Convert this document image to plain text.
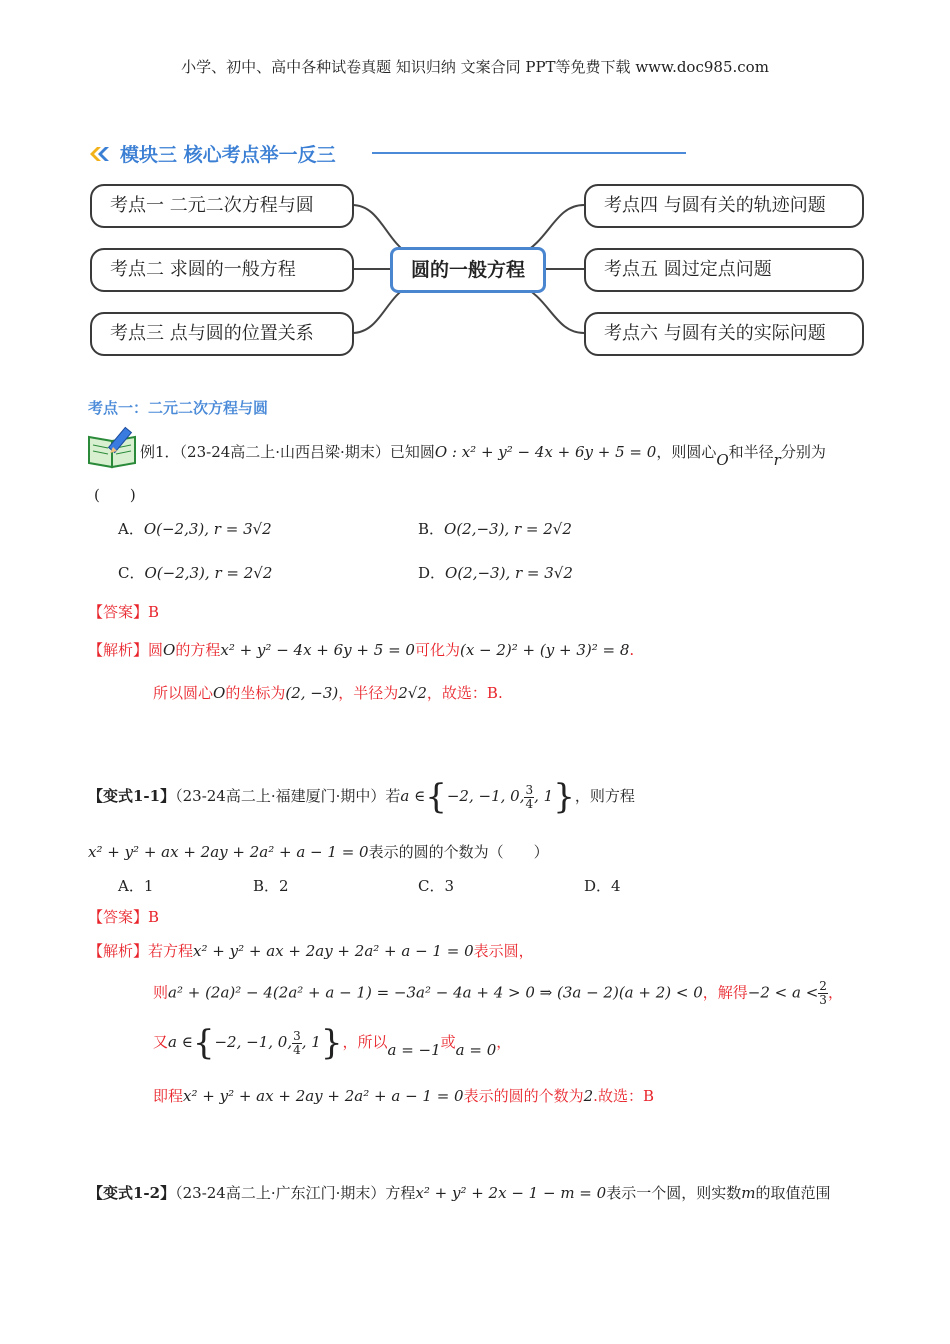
小学、初中、高中各种试卷真题 知识归纳 文案合同 PPT等免费下载 www.doc985.com
模块三 核心考点举一反三
考点一 二元二次方程与圆
考点二 求圆的一般方程
考点三 点与圆的位置关系
圆的一般方程
考点四 与圆有关的轨迹问题
考点五 圆过定点问题
考点六 与圆有关的实际问题
考点一：二元二次方程与圆
例1．（23-24高二上·山西吕梁·期末）已知圆O : x² + y² − 4x + 6y + 5 = 0，则圆心O和半径r分别为
(　　)
A．O(−2,3), r = 3√2	B．O(2,−3), r = 2√2
C．O(−2,3), r = 2√2	D．O(2,−3), r = 3√2
【答案】B
【解析】圆O的方程x² + y² − 4x + 6y + 5 = 0可化为(x − 2)² + (y + 3)² = 8.
所以圆心O的坐标为(2, −3)，半径为2√2，故选：B.
【变式1-1】（23-24高二上·福建厦门·期中）若a ∈{−2, −1, 0, $\frac{3}{4}$ , 1}，则方程
x² + y² + ax + 2ay + 2a² + a − 1 = 0表示的圆的个数为（　　）
A．1	B．2	C．3	D．4
【答案】B
【解析】若方程x² + y² + ax + 2ay + 2a² + a − 1 = 0表示圆，
则a² + (2a)² − 4(2a² + a − 1) = −3a² − 4a + 4 > 0 ⇒ (3a − 2)(a + 2) < 0，解得$-2 < a < \frac{2}{3}$ ，
又a ∈{−2, −1, 0, $\frac{3}{4}$ , 1}，所以a = −1或a = 0，
即程x² + y² + ax + 2ay + 2a² + a − 1 = 0表示的圆的个数为2.故选：B
【变式1-2】（23-24高二上·广东江门·期末）方程x² + y² + 2x − 1 − m = 0表示一个圆，则实数m的取值范围
